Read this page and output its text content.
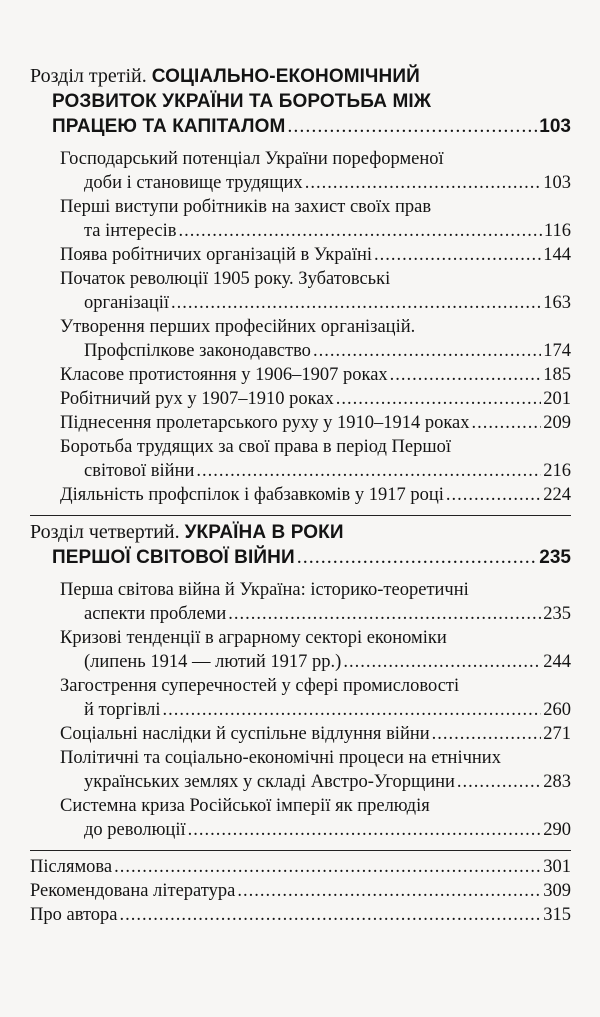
Розділ третій.
СОЦІАЛЬНО-ЕКОНОМІЧНИЙ
РОЗВИТОК УКРАЇНИ ТА БОРОТЬБА МІЖ
ПРАЦЕЮ ТА КАПІТАЛОМ .....	103
Господарський потенціал України пореформеної
доби і становище трудящих .....	103
Перші виступи робітників на захист своїх прав
та інтересів .....	116
Поява робітничих організацій в Україні .....	144
Початок революції 1905 року. Зубатовські
організації .....	163
Утворення перших професійних організацій.
Профспілкове законодавство .....	174
Класове протистояння у 1906–1907 роках .....	185
Робітничий рух у 1907–1910 роках .....	201
Піднесення пролетарського руху у 1910–1914 роках .....	209
Боротьба трудящих за свої права в період Першої
світової війни .....	216
Діяльність профспілок і фабзавкомів у 1917 році .....	224
Розділ четвертий.
УКРАЇНА В РОКИ
ПЕРШОЇ СВІТОВОЇ ВІЙНИ .....	235
Перша світова війна й Україна: історико-теоретичні
аспекти проблеми .....	235
Кризові тенденції в аграрному секторі економіки
(липень 1914 — лютий 1917 рр.) .....	244
Загострення суперечностей у сфері промисловості
й торгівлі .....	260
Соціальні наслідки й суспільне відлуння війни .....	271
Політичні та соціально-економічні процеси на етнічних
українських землях у складі Австро-Угорщини .....	283
Системна криза Російської імперії як прелюдія
до революції .....	290
Післямова .....	301
Рекомендована література .....	309
Про автора .....	315
